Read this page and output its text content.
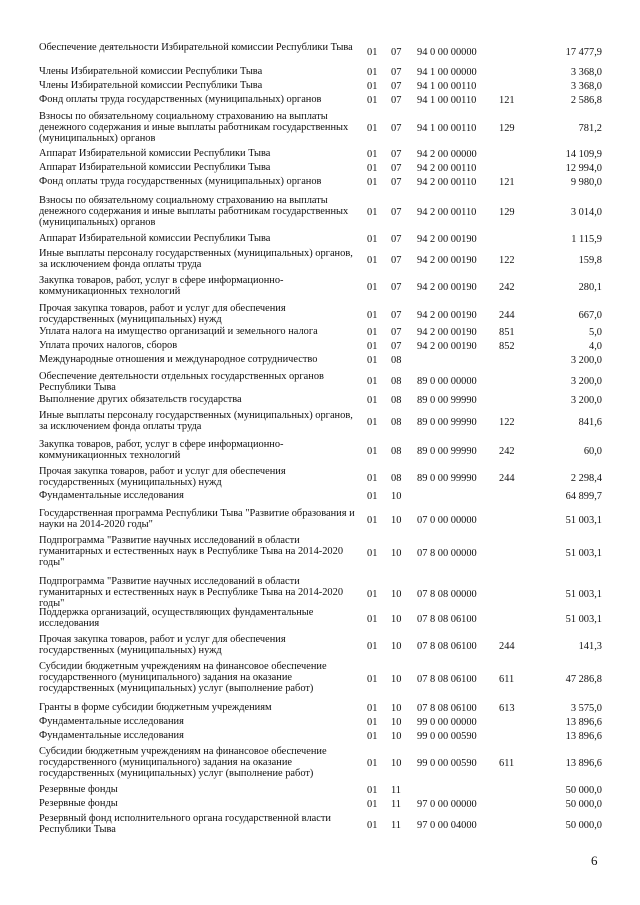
Обеспечение деятельности Избирательной комиссии Республики Тыва	01	07	94 0 00 00000	17 477,9
Члены Избирательной комиссии Республики Тыва	01	07	94 1 00 00000	3 368,0
Члены Избирательной комиссии Республики Тыва	01	07	94 1 00 00110	3 368,0
Фонд оплаты труда государственных (муниципальных) органов	01	07	94 1 00 00110	121	2 586,8
Взносы по обязательному социальному страхованию на выплаты денежного содержания и иные выплаты работникам государственных (муниципальных) органов
01	07	94 1 00 00110	129	781,2
Аппарат Избирательной комиссии Республики Тыва	01	07	94 2 00 00000	14 109,9
Аппарат Избирательной комиссии Республики Тыва	01	07	94 2 00 00110	12 994,0
Фонд оплаты труда государственных (муниципальных) органов	01	07	94 2 00 00110	121	9 980,0
Взносы по обязательному социальному страхованию на выплаты денежного содержания и иные выплаты работникам государственных (муниципальных) органов
01	07	94 2 00 00110	129	3 014,0
Аппарат Избирательной комиссии Республики Тыва	01	07	94 2 00 00190	1 115,9
Иные выплаты персоналу государственных (муниципальных) органов, за исключением фонда оплаты труда	01	07	94 2 00 00190	122	159,8
Закупка товаров, работ, услуг в сфере информационно-коммуникационных технологий	01	07	94 2 00 00190	242	280,1
Прочая закупка товаров, работ и услуг для обеспечения государственных (муниципальных) нужд	01	07	94 2 00 00190	244	667,0
Уплата налога на имущество организаций и земельного налога	01	07	94 2 00 00190	851	5,0
Уплата прочих налогов, сборов	01	07	94 2 00 00190	852	4,0
Международные отношения и международное сотрудничество	01	08	3 200,0
Обеспечение деятельности отдельных государственных органов Республики Тыва
01	08	89 0 00 00000	3 200,0
Выполнение других обязательств государства	01	08	89 0 00 99990	3 200,0
Иные выплаты персоналу государственных (муниципальных) органов, за исключением фонда оплаты труда	01	08	89 0 00 99990	122	841,6
Закупка товаров, работ, услуг в сфере информационно-коммуникационных технологий	01	08	89 0 00 99990	242	60,0
Прочая закупка товаров, работ и услуг для обеспечения государственных (муниципальных) нужд	01	08	89 0 00 99990	244	2 298,4
Фундаментальные исследования	01	10	64 899,7
Государственная программа Республики Тыва "Развитие образования и науки на 2014-2020 годы"	01	10	07 0 00 00000	51 003,1
Подпрограмма "Развитие научных исследований в области гуманитарных и естественных наук в Республике Тыва на 2014-2020 годы"
01	10	07 8 00 00000	51 003,1
Подпрограмма "Развитие научных исследований в области гуманитарных и естественных наук в Республике Тыва на 2014-2020 годы"
01	10	07 8 08 00000	51 003,1
Поддержка организаций, осуществляющих фундаментальные исследования	01	10	07 8 08 06100	51 003,1
Прочая закупка товаров, работ и услуг для обеспечения государственных (муниципальных) нужд	01	10	07 8 08 06100	244	141,3
Субсидии бюджетным учреждениям на финансовое обеспечение государственного (муниципального) задания на оказание государственных (муниципальных) услуг (выполнение работ)
01	10	07 8 08 06100	611	47 286,8
Гранты в форме субсидии бюджетным учреждениям	01	10	07 8 08 06100	613	3 575,0
Фундаментальные исследования	01	10	99 0 00 00000	13 896,6
Фундаментальные исследования	01	10	99 0 00 00590	13 896,6
Субсидии бюджетным учреждениям на финансовое обеспечение государственного (муниципального) задания на оказание государственных (муниципальных) услуг (выполнение работ)
01	10	99 0 00 00590	611	13 896,6
Резервные фонды	01	11	50 000,0
Резервные фонды	01	11	97 0 00 00000	50 000,0
Резервный фонд исполнительного органа государственной власти Республики Тыва	01	11	97 0 00 04000	50 000,0
6
